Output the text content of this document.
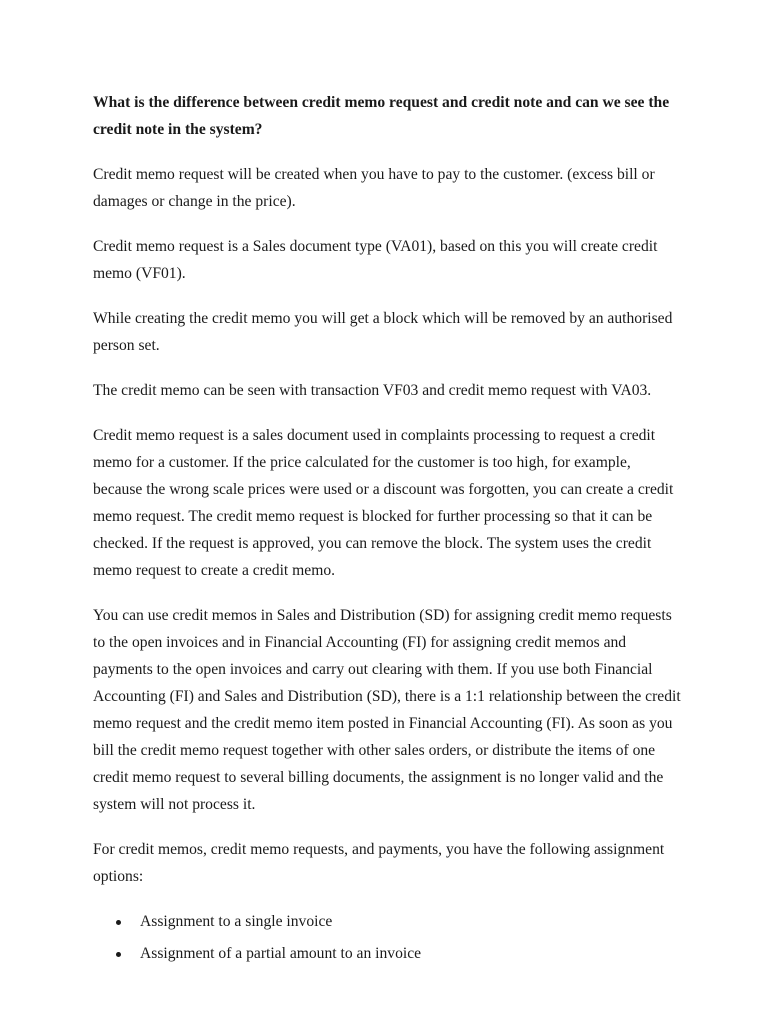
What is the difference between credit memo request and credit note and can we see the credit note in the system?

Credit memo request will be created when you have to pay to the customer. (excess bill or damages or change in the price).

Credit memo request is a Sales document type (VA01), based on this you will create credit memo (VF01).

While creating the credit memo you will get a block which will be removed by an authorised person set.

The credit memo can be seen with transaction VF03 and credit memo request with VA03.

Credit memo request is a sales document used in complaints processing to request a credit memo for a customer. If the price calculated for the customer is too high, for example, because the wrong scale prices were used or a discount was forgotten, you can create a credit memo request. The credit memo request is blocked for further processing so that it can be checked. If the request is approved, you can remove the block. The system uses the credit memo request to create a credit memo.

You can use credit memos in Sales and Distribution (SD) for assigning credit memo requests to the open invoices and in Financial Accounting (FI) for assigning credit memos and payments to the open invoices and carry out clearing with them. If you use both Financial Accounting (FI) and Sales and Distribution (SD), there is a 1:1 relationship between the credit memo request and the credit memo item posted in Financial Accounting (FI). As soon as you bill the credit memo request together with other sales orders, or distribute the items of one credit memo request to several billing documents, the assignment is no longer valid and the system will not process it.

For credit memos, credit memo requests, and payments, you have the following assignment options:

Assignment to a single invoice
Assignment of a partial amount to an invoice
